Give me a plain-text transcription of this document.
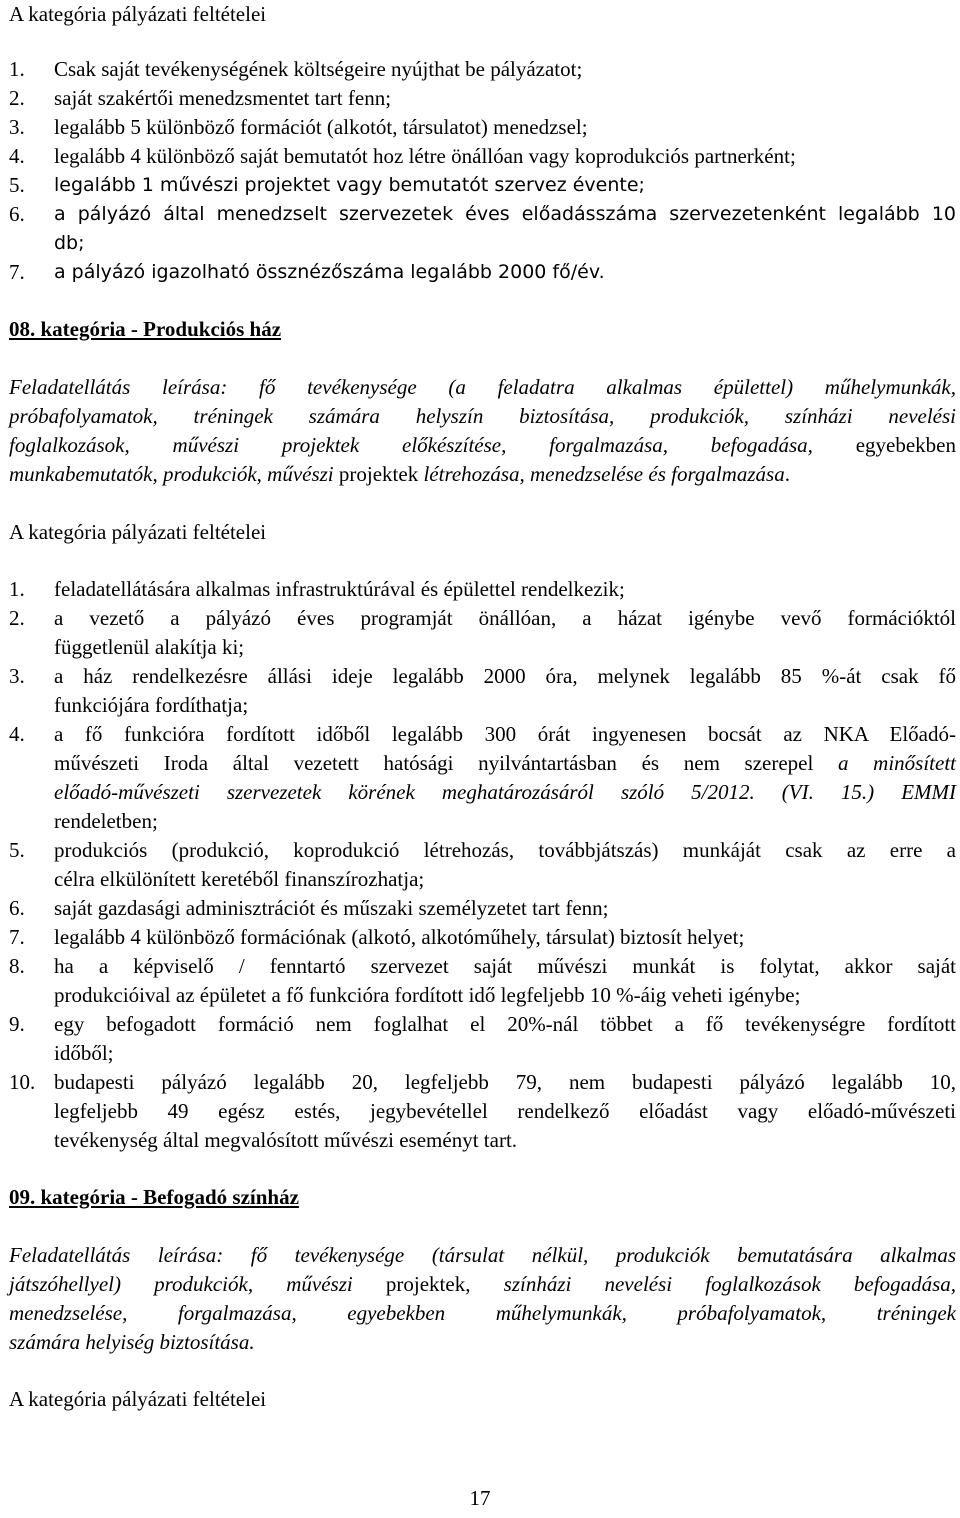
A kategória pályázati feltételei
1. Csak saját tevékenységének költségeire nyújthat be pályázatot;
2. saját szakértői menedzsmentet tart fenn;
3. legalább 5 különböző formációt (alkotót, társulatot) menedzsel;
4. legalább 4 különböző saját bemutatót hoz létre önállóan vagy koprodukciós partnerként;
5. legalább 1 művészi projektet vagy bemutatót szervez évente;
6. a pályázó által menedzselt szervezetek éves előadásszáma szervezetenként legalább 10
db;
7. a pályázó igazolható össznézőszáma legalább 2000 fő/év.
08. kategória - Produkciós ház
Feladatellátás leírása: fő tevékenysége (a feladatra alkalmas épülettel) műhelymunkák,
próbafolyamatok, tréningek számára helyszín biztosítása, produkciók, színházi nevelési
foglalkozások, művészi projektek előkészítése, forgalmazása, befogadása, egyebekben
munkabemutatók, produkciók, művészi projektek létrehozása, menedzselése és forgalmazása.
A kategória pályázati feltételei
1. feladatellátására alkalmas infrastruktúrával és épülettel rendelkezik;
2. a vezető a pályázó éves programját önállóan, a házat igénybe vevő formációktól
függetlenül alakítja ki;
3. a ház rendelkezésre állási ideje legalább 2000 óra, melynek legalább 85 %-át csak fő
funkciójára fordíthatja;
4. a fő funkcióra fordított időből legalább 300 órát ingyenesen bocsát az NKA Előadó-
művészeti Iroda által vezetett hatósági nyilvántartásban és nem szerepel a minősített
előadó-művészeti szervezetek körének meghatározásáról szóló 5/2012. (VI. 15.) EMMI
rendeletben;
5. produkciós (produkció, koprodukció létrehozás, továbbjátszás) munkáját csak az erre a
célra elkülönített keretéből finanszírozhatja;
6. saját gazdasági adminisztrációt és műszaki személyzetet tart fenn;
7. legalább 4 különböző formációnak (alkotó, alkotóműhely, társulat) biztosít helyet;
8. ha a képviselő / fenntartó szervezet saját művészi munkát is folytat, akkor saját
produkcióival az épületet a fő funkcióra fordított idő legfeljebb 10 %-áig veheti igénybe;
9. egy befogadott formáció nem foglalhat el 20%-nál többet a fő tevékenységre fordított
időből;
10. budapesti pályázó legalább 20, legfeljebb 79, nem budapesti pályázó legalább 10,
legfeljebb 49 egész estés, jegybevétellel rendelkező előadást vagy előadó-művészeti
tevékenység által megvalósított művészi eseményt tart.
09. kategória - Befogadó színház
Feladatellátás leírása: fő tevékenysége (társulat nélkül, produkciók bemutatására alkalmas
játszóhellyel) produkciók, művészi projektek, színházi nevelési foglalkozások befogadása,
menedzselése, forgalmazása, egyebekben műhelymunkák, próbafolyamatok, tréningek
számára helyiség biztosítása.
A kategória pályázati feltételei
17
